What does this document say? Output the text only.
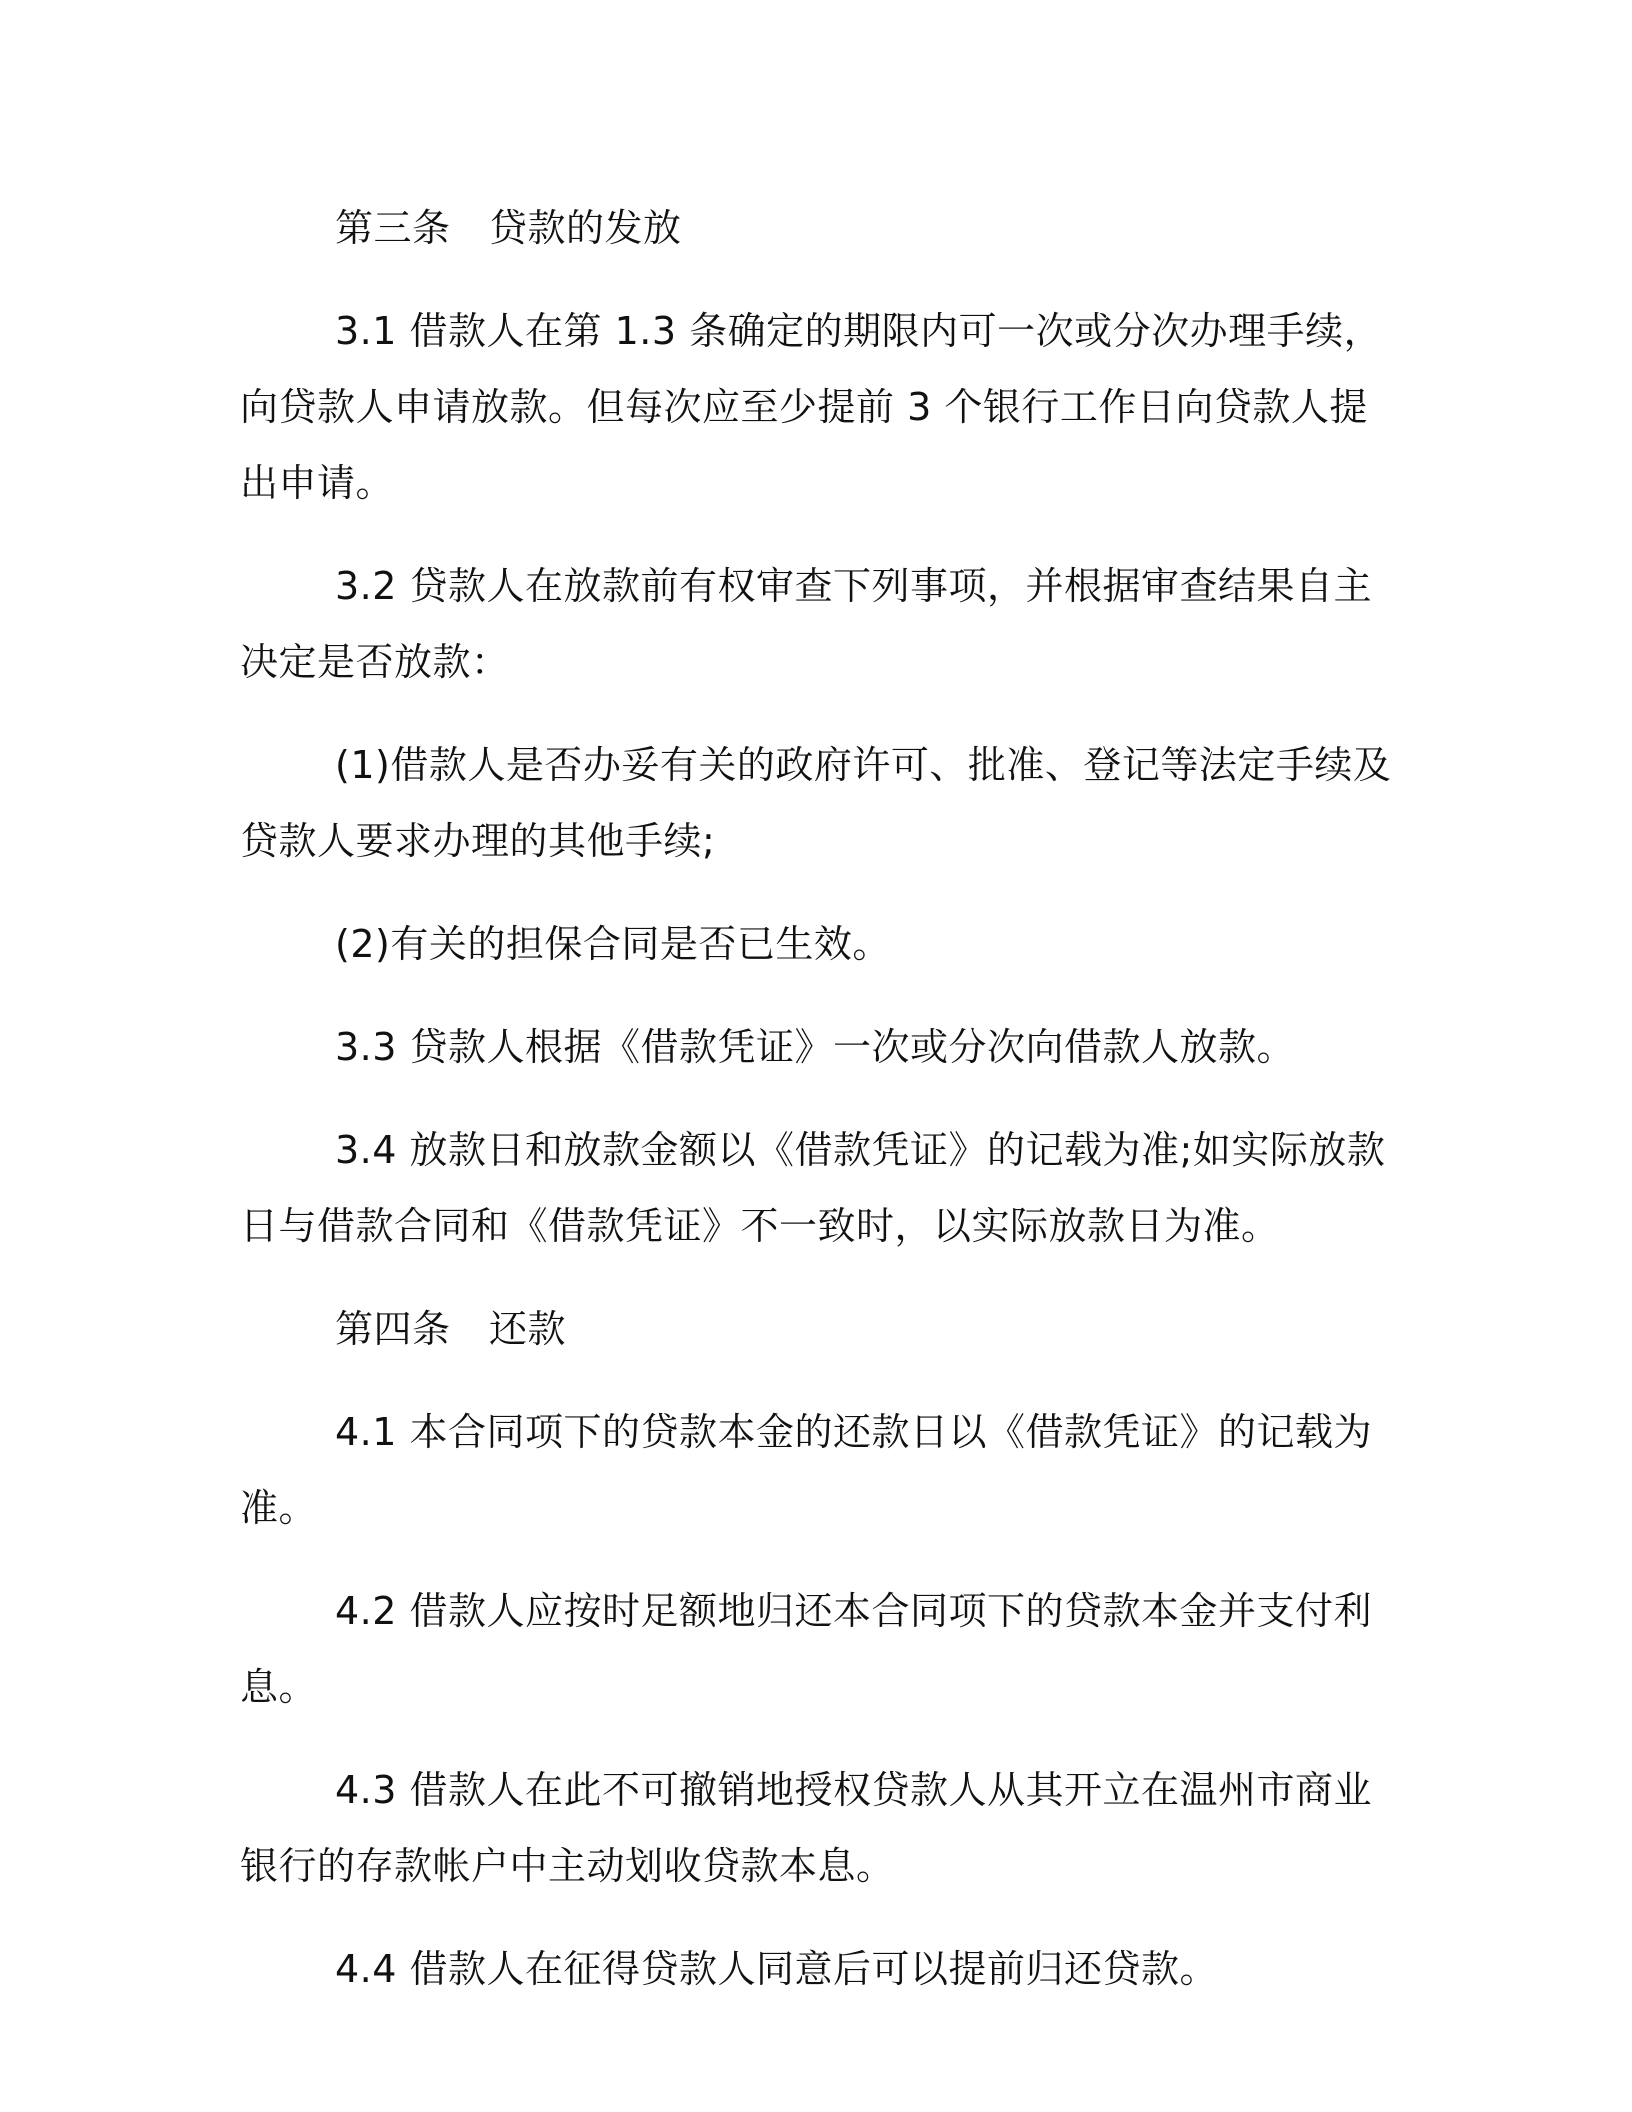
第三条　贷款的发放

3.1 借款人在第 1.3 条确定的期限内可一次或分次办理手续，向贷款人申请放款。但每次应至少提前 3 个银行工作日向贷款人提出申请。

3.2 贷款人在放款前有权审查下列事项，并根据审查结果自主决定是否放款：

(1)借款人是否办妥有关的政府许可、批准、登记等法定手续及贷款人要求办理的其他手续;

(2)有关的担保合同是否已生效。

3.3 贷款人根据《借款凭证》一次或分次向借款人放款。

3.4 放款日和放款金额以《借款凭证》的记载为准;如实际放款日与借款合同和《借款凭证》不一致时，以实际放款日为准。

第四条　还款

4.1 本合同项下的贷款本金的还款日以《借款凭证》的记载为准。

4.2 借款人应按时足额地归还本合同项下的贷款本金并支付利息。

4.3 借款人在此不可撤销地授权贷款人从其开立在温州市商业银行的存款帐户中主动划收贷款本息。

4.4 借款人在征得贷款人同意后可以提前归还贷款。
